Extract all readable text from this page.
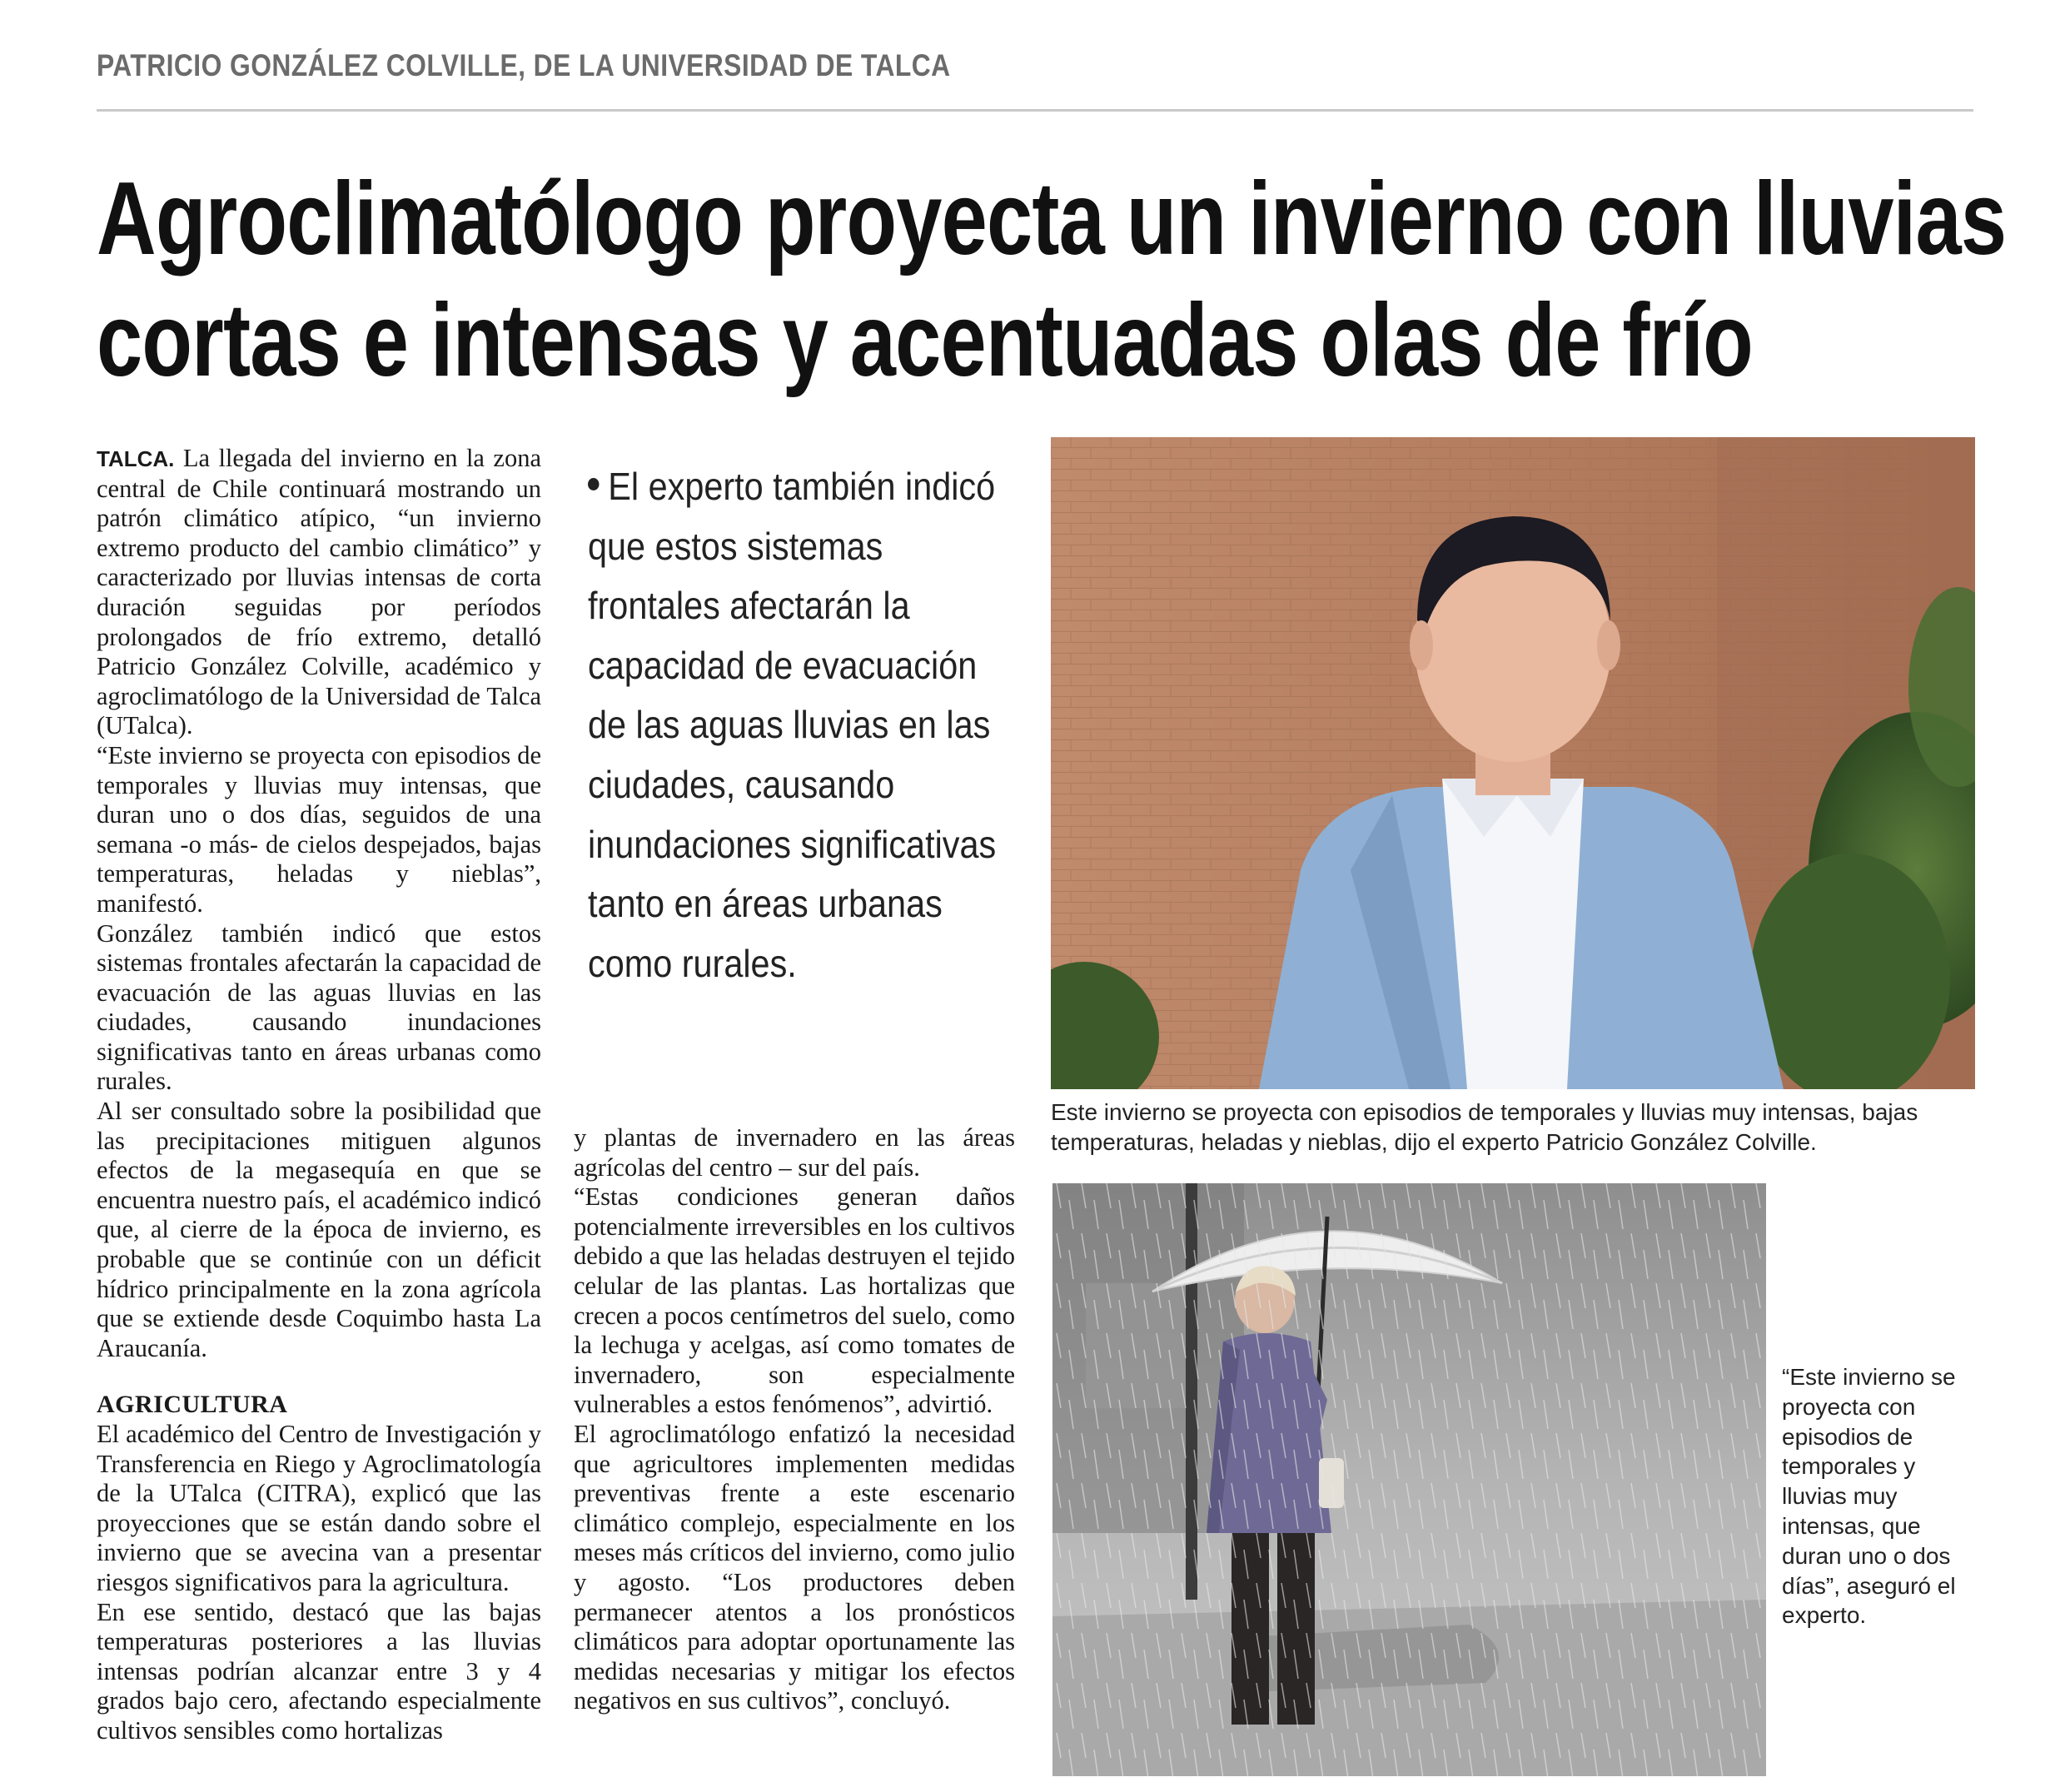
PATRICIO GONZÁLEZ COLVILLE, DE LA UNIVERSIDAD DE TALCA
Agroclimatólogo proyecta un invierno con lluvias
cortas e intensas y acentuadas olas de frío

TALCA. La llegada del invierno en la zona central de Chile continuará mostrando un patrón climático atípico, “un invierno extremo producto del cambio climático” y caracterizado por lluvias intensas de corta duración seguidas por períodos prolongados de frío extremo, detalló Patricio González Colville, académico y agroclimatólogo de la Universidad de Talca (UTalca).

“Este invierno se proyecta con episodios de temporales y lluvias muy intensas, que duran uno o dos días, seguidos de una semana -o más- de cielos despejados, bajas temperaturas, heladas y nieblas”, manifestó.

González también indicó que estos sistemas frontales afectarán la capacidad de evacuación de las aguas lluvias en las ciudades, causando inundaciones significativas tanto en áreas urbanas como rurales.

Al ser consultado sobre la posibilidad que las precipitaciones mitiguen algunos efectos de la megasequía en que se encuentra nuestro país, el académico indicó que, al cierre de la época de invierno, es probable que se continúe con un déficit hídrico principalmente en la zona agrícola que se extiende desde Coquimbo hasta La Araucanía.

AGRICULTURA

El académico del Centro de Investigación y Transferencia en Riego y Agroclimatología de la UTalca (CITRA), explicó que las proyecciones que se están dando sobre el invierno que se avecina van a presentar riesgos significativos para la agricultura.

En ese sentido, destacó que las bajas temperaturas posteriores a las lluvias intensas podrían alcanzar entre 3 y 4 grados bajo cero, afectando especialmente cultivos sensibles como hortalizas

El experto también indicó que estos sistemas frontales afectarán la capacidad de evacuación de las aguas lluvias en las ciudades, causando inundaciones significativas tanto en áreas urbanas como rurales.

y plantas de invernadero en las áreas agrícolas del centro – sur del país.

“Estas condiciones generan daños potencialmente irreversibles en los cultivos debido a que las heladas destruyen el tejido celular de las plantas. Las hortalizas que crecen a pocos centímetros del suelo, como la lechuga y acelgas, así como tomates de invernadero, son especialmente vulnerables a estos fenómenos”, advirtió.

El agroclimatólogo enfatizó la necesidad que agricultores implementen medidas preventivas frente a este escenario climático complejo, especialmente en los meses más críticos del invierno, como julio y agosto. “Los productores deben permanecer atentos a los pronósticos climáticos para adoptar oportunamente las medidas necesarias y mitigar los efectos negativos en sus cultivos”, concluyó.

Este invierno se proyecta con episodios de temporales y lluvias muy intensas, bajas temperaturas, heladas y nieblas, dijo el experto Patricio González Colville.
“Este invierno se proyecta con episodios de temporales y lluvias muy intensas, que duran uno o dos días”, aseguró el experto.
